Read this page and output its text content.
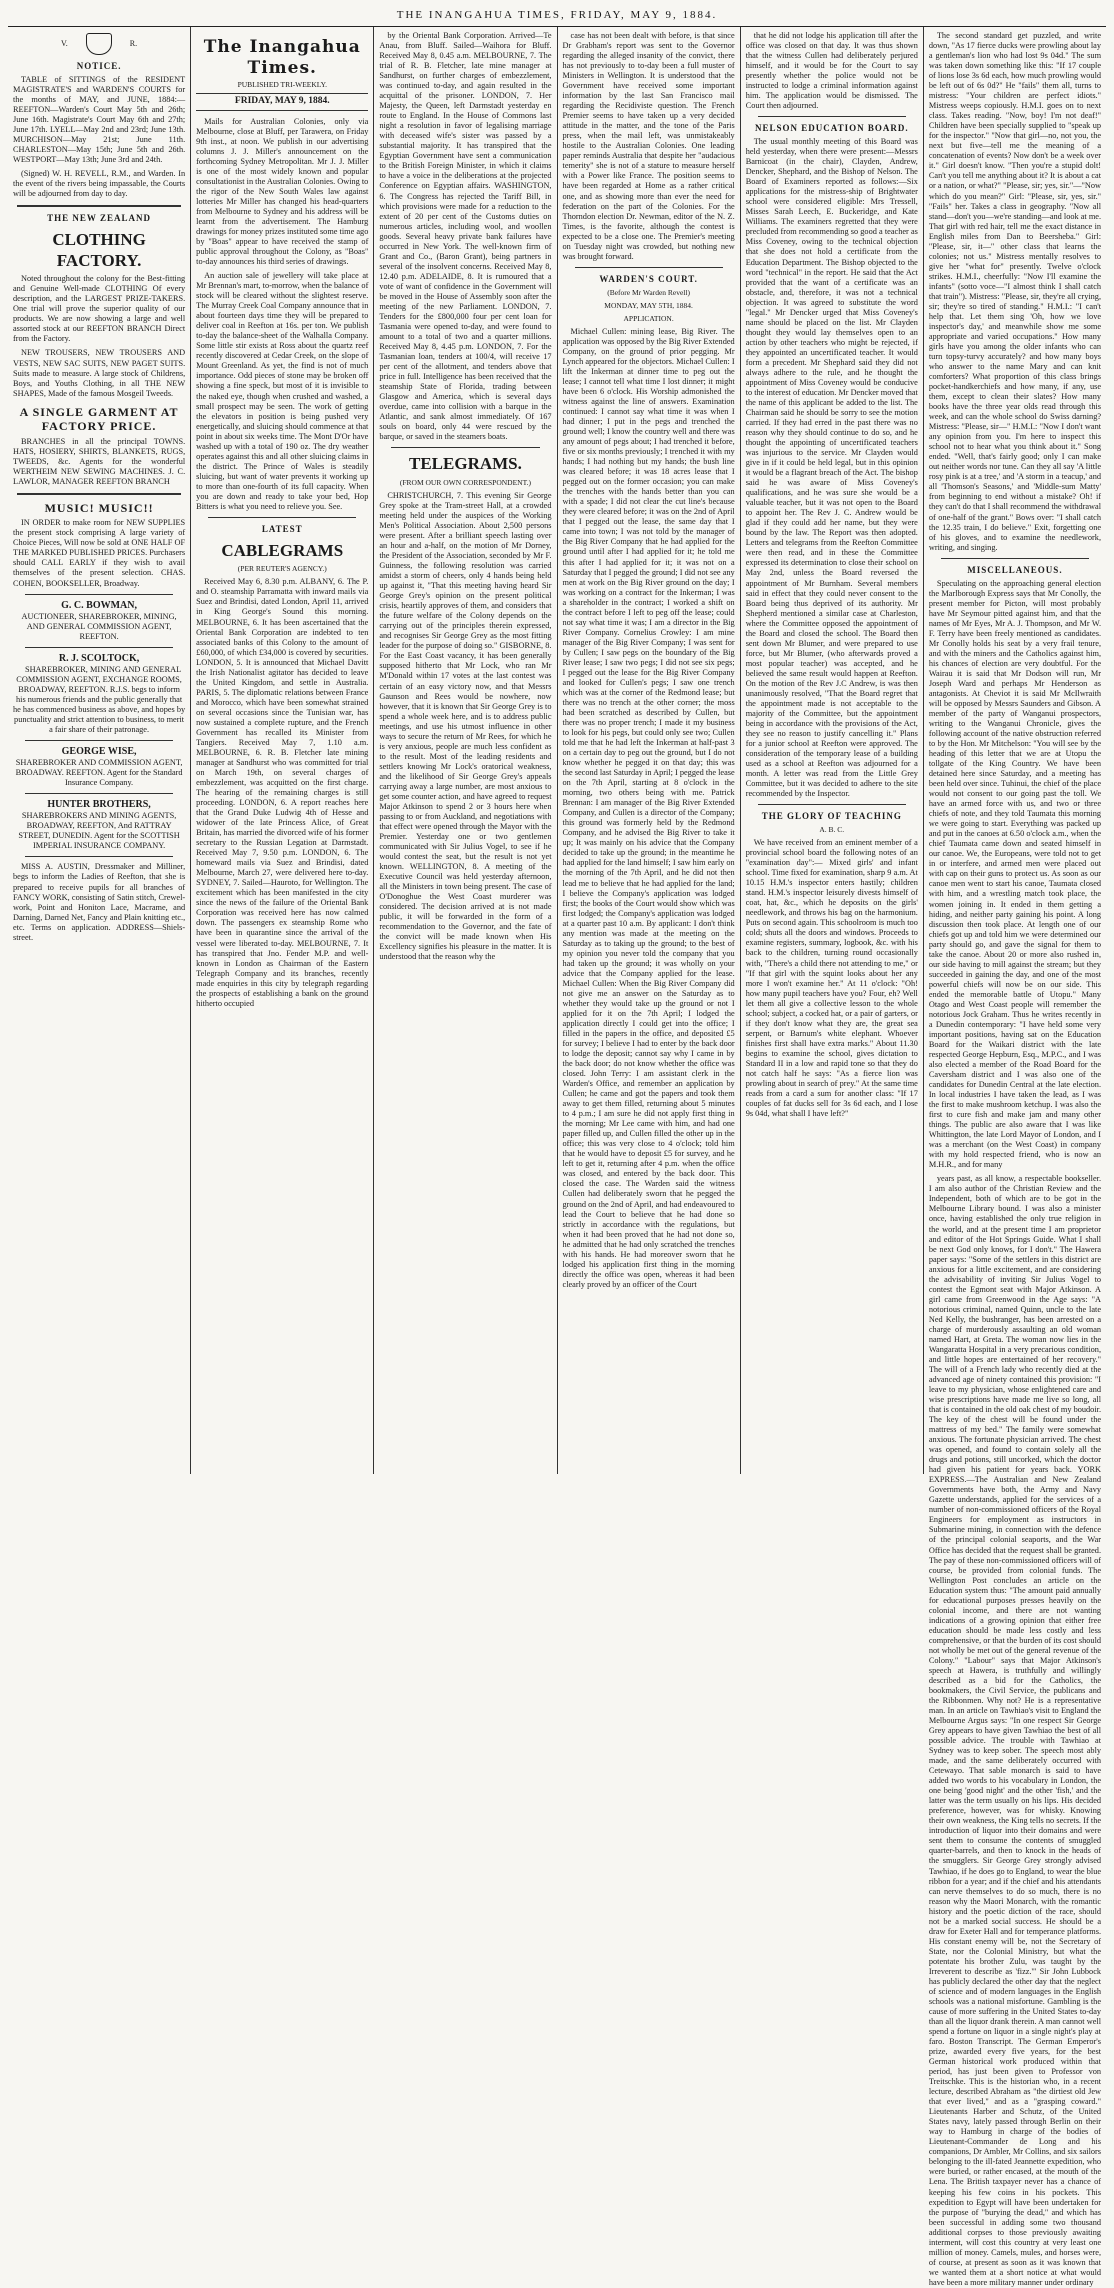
THE INANGAHUA TIMES, FRIDAY, MAY 9, 1884.
V.	R.
NOTICE.

TABLE of SITTINGS of the RESIDENT MAGISTRATE'S and WARDEN'S COURTS for the months of MAY, and JUNE, 1884:— REEFTON—Warden's Court May 5th and 26th; June 16th. Magistrate's Court May 6th and 27th; June 17th. LYELL—May 2nd and 23rd; June 13th. MURCHISON—May 21st; June 11th. CHARLESTON—May 15th; June 5th and 26th. WESTPORT—May 13th; June 3rd and 24th.

(Signed) W. H. REVELL, R.M., and Warden. In the event of the rivers being impassable, the Courts will be adjourned from day to day.

THE NEW ZEALAND
CLOTHING FACTORY.

Noted throughout the colony for the Best-fitting and Genuine Well-made CLOTHING Of every description, and the LARGEST PRIZE-TAKERS. One trial will prove the superior quality of our products. We are now showing a large and well assorted stock at our REEFTON BRANCH Direct from the Factory.

NEW TROUSERS, NEW TROUSERS AND VESTS, NEW SAC SUITS, NEW PAGET SUITS. Suits made to measure. A large stock of Childrens, Boys, and Youths Clothing, in all THE NEW SHAPES, Made of the famous Mosgeil Tweeds.

A SINGLE GARMENT AT FACTORY PRICE.

BRANCHES in all the principal TOWNS. HATS, HOSIERY, SHIRTS, BLANKETS, RUGS, TWEEDS, &c. Agents for the wonderful WERTHEIM NEW SEWING MACHINES. J. C. LAWLOR, MANAGER REEFTON BRANCH

MUSIC! MUSIC!!

IN ORDER to make room for NEW SUPPLIES the present stock comprising A large variety of Choice Pieces, Will now be sold at ONE HALF OF THE MARKED PUBLISHED PRICES. Purchasers should CALL EARLY if they wish to avail themselves of the present selection. CHAS. COHEN, BOOKSELLER, Broadway.

G. C. BOWMAN,
AUCTIONEER, SHAREBROKER, MINING, AND GENERAL COMMISSION AGENT, REEFTON.
R. J. SCOLTOCK,

SHAREBROKER, MINING AND GENERAL COMMISSION AGENT, EXCHANGE ROOMS, BROADWAY, REEFTON. R.J.S. begs to inform his numerous friends and the public generally that he has commenced business as above, and hopes by punctuality and strict attention to business, to merit a fair share of their patronage.

GEORGE WISE,
SHAREBROKER AND COMMISSION AGENT, BROADWAY. REEFTON. Agent for the Standard Insurance Company.
HUNTER BROTHERS,
SHAREBROKERS AND MINING AGENTS, BROADWAY, REEFTON, And RATTRAY STREET, DUNEDIN. Agent for the SCOTTISH IMPERIAL INSURANCE COMPANY.

MISS A. AUSTIN, Dressmaker and Milliner, begs to inform the Ladies of Reefton, that she is prepared to receive pupils for all branches of FANCY WORK, consisting of Satin stitch, Crewel-work, Point and Honiton Lace, Macrame, and Darning, Darned Net, Fancy and Plain knitting etc., etc. Terms on application. ADDRESS—Shiels-street.

The Inangahua Times.
PUBLISHED TRI-WEEKLY.
FRIDAY, MAY 9, 1884.

Mails for Australian Colonies, only via Melbourne, close at Bluff, per Tarawera, on Friday 9th inst., at noon. We publish in our advertising columns J. J. Miller's announcement on the forthcoming Sydney Metropolitan. Mr J. J. Miller is one of the most widely known and popular consultationist in the Australian Colonies. Owing to the rigor of the New South Wales law against lotteries Mr Miller has changed his head-quarters from Melbourne to Sydney and his address will be learnt from the advertisement. The Hamburg drawings for money prizes instituted some time ago by "Boas" appear to have received the stamp of public approval throughout the Colony, as "Boas" to-day announces his third series of drawings.

An auction sale of jewellery will take place at Mr Brennan's mart, to-morrow, when the balance of stock will be cleared without the slightest reserve. The Murray Creek Coal Company announce that in about fourteen days time they will be prepared to deliver coal in Reefton at 16s. per ton. We publish to-day the balance-sheet of the Walhalla Company. Some little stir exists at Ross about the quartz reef recently discovered at Cedar Creek, on the slope of Mount Greenland. As yet, the find is not of much importance. Odd pieces of stone may be broken off showing a fine speck, but most of it is invisible to the naked eye, though when crushed and washed, a small prospect may be seen. The work of getting the elevators in position is being pushed very energetically, and sluicing should commence at that point in about six weeks time. The Mont D'Or have washed up with a total of 190 oz. The dry weather operates against this and all other sluicing claims in the district. The Prince of Wales is steadily sluicing, but want of water prevents it working up to more than one-fourth of its full capacity. When you are down and ready to take your bed, Hop Bitters is what you need to relieve you. See.

LATEST
CABLEGRAMS
(PER REUTER'S AGENCY.)

Received May 6, 8.30 p.m. ALBANY, 6. The P. and O. steamship Parramatta with inward mails via Suez and Brindisi, dated London, April 11, arrived in King George's Sound this morning. MELBOURNE, 6. It has been ascertained that the Oriental Bank Corporation are indebted to ten associated banks of this Colony to the amount of £60,000, of which £34,000 is covered by securities. LONDON, 5. It is announced that Michael Davitt the Irish Nationalist agitator has decided to leave the United Kingdom, and settle in Australia. PARIS, 5. The diplomatic relations between France and Morocco, which have been somewhat strained on several occasions since the Tunisian war, has now sustained a complete rupture, and the French Government has recalled its Minister from Tangiers. Received May 7, 1.10 a.m. MELBOURNE, 6. R. B. Fletcher late mining manager at Sandhurst who was committed for trial on March 19th, on several charges of embezzlement, was acquitted on the first charge. The hearing of the remaining charges is still proceeding. LONDON, 6. A report reaches here that the Grand Duke Ludwig 4th of Hesse and widower of the late Princess Alice, of Great Britain, has married the divorced wife of his former secretary to the Russian Legation at Darmstadt. Received May 7, 9.50 p.m. LONDON, 6. The homeward mails via Suez and Brindisi, dated Melbourne, March 27, were delivered here to-day. SYDNEY, 7. Sailed—Hauroto, for Wellington. The excitement which has been manifested in the city since the news of the failure of the Oriental Bank Corporation was received here has now calmed down. The passengers ex steamship Rome who have been in quarantine since the arrival of the vessel were liberated to-day. MELBOURNE, 7. It has transpired that Jno. Fender M.P. and well-known in London as Chairman of the Eastern Telegraph Company and its branches, recently made enquiries in this city by telegraph regarding the prospects of establishing a bank on the ground hitherto occupied

by the Oriental Bank Corporation. Arrived—Te Anau, from Bluff. Sailed—Waihora for Bluff. Received May 8, 0.45 a.m. MELBOURNE, 7. The trial of R. B. Fletcher, late mine manager at Sandhurst, on further charges of embezzlement, was continued to-day, and again resulted in the acquittal of the prisoner. LONDON, 7. Her Majesty, the Queen, left Darmstadt yesterday en route to England. In the House of Commons last night a resolution in favor of legalising marriage with deceased wife's sister was passed by a substantial majority. It has transpired that the Egyptian Government have sent a communication to the British Foreign Minister, in which it claims to have a voice in the deliberations at the projected Conference on Egyptian affairs. WASHINGTON, 6. The Congress has rejected the Tariff Bill, in which provisions were made for a reduction to the extent of 20 per cent of the Customs duties on numerous articles, including wool, and woollen goods. Several heavy private bank failures have occurred in New York. The well-known firm of Grant and Co., (Baron Grant), being partners in several of the insolvent concerns. Received May 8, 12.40 p.m. ADELAIDE, 8. It is rumoured that a vote of want of confidence in the Government will be moved in the House of Assembly soon after the meeting of the new Parliament. LONDON, 7. Tenders for the £800,000 four per cent loan for Tasmania were opened to-day, and were found to amount to a total of two and a quarter millions. Received May 8, 4.45 p.m. LONDON, 7. For the Tasmanian loan, tenders at 100/4, will receive 17 per cent of the allotment, and tenders above that price in full. Intelligence has been received that the steamship State of Florida, trading between Glasgow and America, which is several days overdue, came into collision with a barque in the Atlantic, and sank almost immediately. Of 167 souls on board, only 44 were rescued by the barque, or saved in the steamers boats.

TELEGRAMS.
(FROM OUR OWN CORRESPONDENT.)

CHRISTCHURCH, 7. This evening Sir George Grey spoke at the Tram-street Hall, at a crowded meeting held under the auspices of the Working Men's Political Association. About 2,500 persons were present. After a brilliant speech lasting over an hour and a-half, on the motion of Mr Dorney, the President of the Association, seconded by Mr F. Guinness, the following resolution was carried amidst a storm of cheers, only 4 hands being held up against it, "That this meeting having heard Sir George Grey's opinion on the present political crisis, heartily approves of them, and considers that the future welfare of the Colony depends on the carrying out of the principles therein expressed, and recognises Sir George Grey as the most fitting leader for the purpose of doing so." GISBORNE, 8. For the East Coast vacancy, it has been generally supposed hitherto that Mr Lock, who ran Mr M'Donald within 17 votes at the last contest was certain of an easy victory now, and that Messrs Gaunson and Rees would be nowhere, now however, that it is known that Sir George Grey is to spend a whole week here, and is to address public meetings, and use his utmost influence in other ways to secure the return of Mr Rees, for which he is very anxious, people are much less confident as to the result. Most of the leading residents and settlers knowing Mr Lock's oratorical weakness, and the likelihood of Sir George Grey's appeals carrying away a large number, are most anxious to get some counter action, and have agreed to request Major Atkinson to spend 2 or 3 hours here when passing to or from Auckland, and negotiations with that effect were opened through the Mayor with the Premier. Yesterday one or two gentlemen communicated with Sir Julius Vogel, to see if he would contest the seat, but the result is not yet known. WELLINGTON, 8. A meeting of the Executive Council was held yesterday afternoon, all the Ministers in town being present. The case of O'Donoghue the West Coast murderer was considered. The decision arrived at is not made public, it will be forwarded in the form of a recommendation to the Governor, and the fate of the convict will be made known when His Excellency signifies his pleasure in the matter. It is understood that the reason why the

case has not been dealt with before, is that since Dr Grabham's report was sent to the Governor regarding the alleged insanity of the convict, there has not previously to to-day been a full muster of Ministers in Wellington. It is understood that the Government have received some important information by the last San Francisco mail regarding the Recidiviste question. The French Premier seems to have taken up a very decided attitude in the matter, and the tone of the Paris press, when the mail left, was unmistakeably hostile to the Australian Colonies. One leading paper reminds Australia that despite her "audacious temerity" she is not of a stature to measure herself with a Power like France. The position seems to have been regarded at Home as a rather critical one, and as showing more than ever the need for federation on the part of the Colonies. For the Thorndon election Dr. Newman, editor of the N. Z. Times, is the favorite, although the contest is expected to be a close one. The Premier's meeting on Tuesday night was crowded, but nothing new was brought forward.

WARDEN'S COURT.
(Before Mr Warden Revell)
MONDAY, MAY 5TH, 1884.
APPLICATION.

Michael Cullen: mining lease, Big River. The application was opposed by the Big River Extended Company, on the ground of prior pegging. Mr Lynch appeared for the objectors. Michael Cullen: I lift the Inkerman at dinner time to peg out the lease; I cannot tell what time I lost dinner; it might have been 6 o'clock. His Worship admonished the witness against the line of answers. Examination continued: I cannot say what time it was when I had dinner; I put in the pegs and trenched the ground well; I know the country well and there was any amount of pegs about; I had trenched it before, five or six months previously; I trenched it with my hands; I had nothing but my hands; the bush line was cleared before; it was 18 acres lease that I pegged out on the former occasion; you can make the trenches with the hands better than you can with a spade; I did not clear the cut line's because they were cleared before; it was on the 2nd of April that I pegged out the lease, the same day that I came into town; I was not told by the manager of the Big River Company that he had applied for the ground until after I had applied for it; he told me this after I had applied for it; it was not on a Saturday that I pegged the ground; I did not see any men at work on the Big River ground on the day; I was working on a contract for the Inkerman; I was a shareholder in the contract; I worked a shift on the contract before I left to peg off the lease; could not say what time it was; I am a director in the Big River Company. Cornelius Crowley: I am mine manager of the Big River Company; I was sent for by Cullen; I saw pegs on the boundary of the Big River lease; I saw two pegs; I did not see six pegs; I pegged out the lease for the Big River Company and looked for Cullen's pegs; I saw one trench which was at the corner of the Redmond lease; but there was no trench at the other corner; the moss had been scratched as described by Cullen, but there was no proper trench; I made it my business to look for his pegs, but could only see two; Cullen told me that he had left the Inkerman at half-past 3 on a certain day to peg out the ground, but I do not know whether he pegged it on that day; this was the second last Saturday in April; I pegged the lease on the 7th April, starting at 8 o'clock in the morning, two others being with me. Patrick Brennan: I am manager of the Big River Extended Company, and Cullen is a director of the Company; this ground was formerly held by the Redmond Company, and he advised the Big River to take it up; It was mainly on his advice that the Company decided to take up the ground; in the meantime he had applied for the land himself; I saw him early on the morning of the 7th April, and he did not then lead me to believe that he had applied for the land; I believe the Company's application was lodged first; the books of the Court would show which was first lodged; the Company's application was lodged at a quarter past 10 a.m. By applicant: I don't think any mention was made at the meeting on the Saturday as to taking up the ground; to the best of my opinion you never told the company that you had taken up the ground; it was wholly on your advice that the Company applied for the lease. Michael Cullen: When the Big River Company did not give me an answer on the Saturday as to whether they would take up the ground or not I applied for it on the 7th April; I lodged the application directly I could get into the office; I filled in the papers in the office, and deposited £5 for survey; I believe I had to enter by the back door to lodge the deposit; cannot say why I came in by the back door; do not know whether the office was closed. John Terry: I am assistant clerk in the Warden's Office, and remember an application by Cullen; he came and got the papers and took them away to get them filled, returning about 5 minutes to 4 p.m.; I am sure he did not apply first thing in the morning; Mr Lee came with him, and had one paper filled up, and Cullen filled the other up in the office; this was very close to 4 o'clock; told him that he would have to deposit £5 for survey, and he left to get it, returning after 4 p.m. when the office was closed, and entered by the back door. This closed the case. The Warden said the witness Cullen had deliberately sworn that he pegged the ground on the 2nd of April, and had endeavoured to lead the Court to believe that he had done so strictly in accordance with the regulations, but when it had been proved that he had not done so, he admitted that he had only scratched the trenches with his hands. He had moreover sworn that he lodged his application first thing in the morning directly the office was open, whereas it had been clearly proved by an officer of the Court

that he did not lodge his application till after the office was closed on that day. It was thus shown that the witness Cullen had deliberately perjured himself, and it would be for the Court to say presently whether the police would not be instructed to lodge a criminal information against him. The application would be dismissed. The Court then adjourned.

NELSON EDUCATION BOARD.

The usual monthly meeting of this Board was held yesterday, when there were present:—Messrs Barnicoat (in the chair), Clayden, Andrew, Dencker, Shephard, and the Bishop of Nelson. The Board of Examiners reported as follows:—Six applications for the mistress-ship of Brightwater school were considered eligible: Mrs Tressell, Misses Sarah Leech, E. Buckeridge, and Kate Williams. The examiners regretted that they were precluded from recommending so good a teacher as Miss Coveney, owing to the technical objection that she does not hold a certificate from the Education Department. The Bishop objected to the word "technical" in the report. He said that the Act provided that the want of a certificate was an obstacle, and, therefore, it was not a technical objection. It was agreed to substitute the word "legal." Mr Dencker urged that Miss Coveney's name should be placed on the list. Mr Clayden thought they would lay themselves open to an action by other teachers who might be rejected, if they appointed an uncertificated teacher. It would form a precedent. Mr Shephard said they did not always adhere to the rule, and he thought the appointment of Miss Coveney would be conducive to the interest of education. Mr Dencker moved that the name of this applicant be added to the list. The Chairman said he should be sorry to see the motion carried. If they had erred in the past there was no reason why they should continue to do so, and he thought the appointing of uncertificated teachers was injurious to the service. Mr Clayden would give in if it could be held legal, but in this opinion it would be a flagrant breach of the Act. The bishop said he was aware of Miss Coveney's qualifications, and he was sure she would be a valuable teacher, but it was not open to the Board to appoint her. The Rev J. C. Andrew would be glad if they could add her name, but they were bound by the law. The Report was then adopted. Letters and telegrams from the Reefton Committee were then read, and in these the Committee expressed its determination to close their school on May 2nd, unless the Board reversed the appointment of Mr Burnham. Several members said in effect that they could never consent to the Board being thus deprived of its authority. Mr Shepherd mentioned a similar case at Charleston, where the Committee opposed the appointment of the Board and closed the school. The Board then sent down Mr Blumer, and were prepared to use force, but Mr Blumer, (who afterwards proved a most popular teacher) was accepted, and he believed the same result would happen at Reefton. On the motion of the Rev J.C Andrew, is was then unanimously resolved, "That the Board regret that the appointment made is not acceptable to the majority of the Committee, but the appointment being in accordance with the provisions of the Act, they see no reason to justify cancelling it." Plans for a junior school at Reefton were approved. The consideration of the temporary lease of a building used as a school at Reefton was adjourned for a month. A letter was read from the Little Grey Committee, but it was decided to adhere to the site recommended by the Inspector.

THE GLORY OF TEACHING
A. B. C.

We have received from an eminent member of a provincial school board the following notes of an "examination day":— Mixed girls' and infant school. Time fixed for examination, sharp 9 a.m. At 10.15 H.M.'s inspector enters hastily; children stand. H.M.'s inspector leisurely divests himself of coat, hat, &c., which he deposits on the girls' needlework, and throws his bag on the harmonium. Puts on second again. This schoolroom is much too cold; shuts all the doors and windows. Proceeds to examine registers, summary, logbook, &c. with his back to the children, turning round occasionally with, "There's a child there not attending to me," or "If that girl with the squint looks about her any more I won't examine her." At 11 o'clock: "Oh! how many pupil teachers have you? Four, eh? Well let them all give a collective lesson to the whole school; subject, a cocked hat, or a pair of garters, or if they don't know what they are, the great sea serpent, or Barnum's white elephant. Whoever finishes first shall have extra marks." About 11.30 begins to examine the school, gives dictation to Standard II in a low and rapid tone so that they do not catch half he says: "As a fierce lion was prowling about in search of prey." At the same time reads from a card a sum for another class: "If 17 couples of fat ducks sell for 3s 6d each, and I lose 9s 04d, what shall I have left?"

The second standard get puzzled, and write down, "As 17 fierce ducks were prowling about lay a gentleman's lion who had lost 9s 04d." The sum was taken down something like this: "If 17 couple of lions lose 3s 6d each, how much prowling would be left out of 6s 0d?" He "fails" them all, turns to mistress: "Your children are perfect idiots." Mistress weeps copiously. H.M.I. goes on to next class. Takes reading. "Now, boy! I'm not deaf!" Children have been specially supplied to "speak up for the inspector." "Now that girl—no, not you, the next but five—tell me the meaning of a concatenation of events? Now don't be a week over it." Girl doesn't know. "Then you're a stupid dolt! Can't you tell me anything about it? It is about a cat or a nation, or what?" "Please, sir; yes, sir."—"Now which do you mean?" Girl: "Please, sir, yes, sir." "Fails" her. Takes a class in geography. "Now all stand—don't you—we're standing—and look at me. That girl with red hair, tell me the exact distance in English miles from Dan to Beersheba." Girl: "Please, sir, it—" other class that learns the colonies; not us." Mistress mentally resolves to give her "what for" presently. Twelve o'clock strikes. H.M.I., cheerfully: "Now I'll examine the infants" (sotto voce—"I almost think I shall catch that train"). Mistress: "Please, sir, they're all crying, sir; they're so tired of standing." H.M.I.: "I can't help that. Let them sing 'Oh, how we love inspector's day,' and meanwhile show me some appropriate and varied occupations." How many girls have you among the older infants who can turn topsy-turvy accurately? and how many boys who answer to the name Mary and can knit comforters? What proportion of this class brings pocket-handkerchiefs and how many, if any, use them, except to clean their slates? How many books have the three year olds read through this week, and can the whole school do Swiss darning? Mistress: "Please, sir—" H.M.I.: "Now I don't want any opinion from you. I'm here to inspect this school not to hear what you think about it." Song ended. "Well, that's fairly good; only I can make out neither words nor tune. Can they all say 'A little rosy pink is at a tree,' and 'A storm in a teacup,' and all 'Thomson's Seasons,' and 'Middle-sum Matty' from beginning to end without a mistake? Oh! if they can't do that I shall recommend the withdrawal of one-half of the grant." Bows over: "I shall catch the 12.35 train, I do believe." Exit, forgetting one of his gloves, and to examine the needlework, writing, and singing.

MISCELLANEOUS.

Speculating on the approaching general election the Marlborough Express says that Mr Conolly, the present member for Picton, will most probably have Mr Seymour pitted against him, and that the names of Mr Eyes, Mr A. J. Thompson, and Mr W. F. Terry have been freely mentioned as candidates. Mr Conolly holds his seat by a very frail tenure, and with the miners and the Catholics against him, his chances of election are very doubtful. For the Wairau it is said that Mr Dodson will run, Mr Joseph Ward and perhaps Mr Henderson as antagonists. At Cheviot it is said Mr McIlwraith will be opposed by Messrs Saunders and Gibson. A member of the party of Wanganui prospectors, writing to the Wanganui Chronicle, gives the following account of the native obstruction referred to by the Hon. Mr Mitchelson: "You will see by the heading of this letter that we are at Utopu the tollgate of the King Country. We have been detained here since Saturday, and a meeting has been held over since. Tuhinui, the chief of the place would not consent to our going past the toll. We have an armed force with us, and two or three chiefs of note, and they told Taumata this morning we were going to start. Everything was packed up and put in the canoes at 6.50 o'clock a.m., when the chief Taumata came down and seated himself in our canoe. We, the Europeans, were told not to get in or interfere, and armed men were placed out with cap on their guns to protect us. As soon as our canoe men went to start his canoe, Taumata closed with him, and a wrestling match took place, the women joining in. It ended in them getting a hiding, and neither party gaining his point. A long discussion then took place. At length one of our chiefs got up and told him we were determined our party should go, and gave the signal for them to take the canoe. About 20 or more also rushed in, our side having to mill against the stream; but they succeeded in gaining the day, and one of the most powerful chiefs will now be on our side. This ended the memorable battle of Utopu." Many Otago and West Coast people will remember the notorious Jock Graham. Thus he writes recently in a Dunedin contemporary: "I have held some very important positions, having sat on the Education Board for the Waikari district with the late respected George Hepburn, Esq., M.P.C., and I was also elected a member of the Road Board for the Caversham district and I was also one of the candidates for Dunedin Central at the late election. In local industries I have taken the lead, as I was the first to make mushroom ketchup. I was also the first to cure fish and make jam and many other things. The public are also aware that I was like Whittington, the late Lord Mayor of London, and I was a merchant (on the West Coast) in company with my hold respected friend, who is now an M.H.R., and for many

years past, as all know, a respectable bookseller. I am also author of the Christian Review and the Independent, both of which are to be got in the Melbourne Library bound. I was also a minister once, having established the only true religion in the world, and at the present time I am proprietor and editor of the Hot Springs Guide. What I shall be next God only knows, for I don't." The Hawera paper says: "Some of the settlers in this district are anxious for a little excitement, and are considering the advisability of inviting Sir Julius Vogel to contest the Egmont seat with Major Atkinson. A girl came from Greenwood in the Age says: "A notorious criminal, named Quinn, uncle to the late Ned Kelly, the bushranger, has been arrested on a charge of murderously assaulting an old woman named Hart, at Greta. The woman now lies in the Wangaratta Hospital in a very precarious condition, and little hopes are entertained of her recovery." The will of a French lady who recently died at the advanced age of ninety contained this provision: "I leave to my physician, whose enlightened care and wise prescriptions have made me live so long, all that is contained in the old oak chest of my boudoir. The key of the chest will be found under the mattress of my bed." The family were somewhat anxious. The fortunate physician arrived. The chest was opened, and found to contain solely all the drugs and potions, still uncorked, which the doctor had given his patient for years back. YORK EXPRESS.—The Australian and New Zealand Governments have both, the Army and Navy Gazette understands, applied for the services of a number of non-commissioned officers of the Royal Engineers for employment as instructors in Submarine mining, in connection with the defence of the principal colonial seaports, and the War Office has decided that the request shall be granted. The pay of these non-commissioned officers will of course, be provided from colonial funds. The Wellington Post concludes an article on the Education system thus: "The amount paid annually for educational purposes presses heavily on the colonial income, and there are not wanting indications of a growing opinion that either free education should be made less costly and less comprehensive, or that the burden of its cost should not wholly be met out of the general revenue of the Colony." "Labour" says that Major Atkinson's speech at Hawera, is truthfully and willingly described as a bid for the Catholics, the bookmakers, the Civil Service, the publicans and the Ribbonmen. Why not? He is a representative man. In an article on Tawhiao's visit to England the Melbourne Argus says: "In one respect Sir George Grey appears to have given Tawhiao the best of all possible advice. The trouble with Tawhiao at Sydney was to keep sober. The speech most ably made, and the same deliberately occurred with Cetewayo. That sable monarch is said to have added two words to his vocabulary in London, the one being 'good night' and the other 'fish,' and the latter was the term usually on his lips. His decided preference, however, was for whisky. Knowing their own weakness, the King tells no secrets. If the introduction of liquor into their domains and were sent them to consume the contents of smuggled quarter-barrels, and then to knock in the heads of the smugglers. Sir George Grey strongly advised Tawhiao, if he does go to England, to wear the blue ribbon for a year; and if the chief and his attendants can nerve themselves to do so much, there is no reason why the Maori Monarch, with the romantic history and the poetic diction of the race, should not be a marked social success. He should be a draw for Exeter Hall and for temperance platforms. His constant enemy will be, not the Secretary of State, nor the Colonial Ministry, but what the potentate his brother Zulu, was taught by the Irreverent to describe as 'fizz.'" Sir John Lubbock has publicly declared the other day that the neglect of science and of modern languages in the English schools was a national misfortune. Gambling is the cause of more suffering in the United States to-day than all the liquor drank therein. A man cannot well spend a fortune on liquor in a single night's play at faro. Boston Transcript. The German Emperor's prize, awarded every five years, for the best German historical work produced within that period, has just been given to Professor von Treitschke. This is the historian who, in a recent lecture, described Abraham as "the dirtiest old Jew that ever lived," and as a "grasping coward." Lieutenants Harber and Schutz, of the United States navy, lately passed through Berlin on their way to Hamburg in charge of the bodies of Lieutenant-Commander de Long and his companions, Dr Ambler, Mr Collins, and six sailors belonging to the ill-fated Jeannette expedition, who were buried, or rather encased, at the mouth of the Lena. The British taxpayer never has a chance of keeping his few coins in his pockets. This expedition to Egypt will have been undertaken for the purpose of "burying the dead," and which has been successful in adding some two thousand additional corpses to those previously awaiting interment, will cost this country at very least one million of money. Camels, mules, and horses were, of course, at present as soon as it was known that we wanted them at a short notice at what would have been a more military manner under ordinary
